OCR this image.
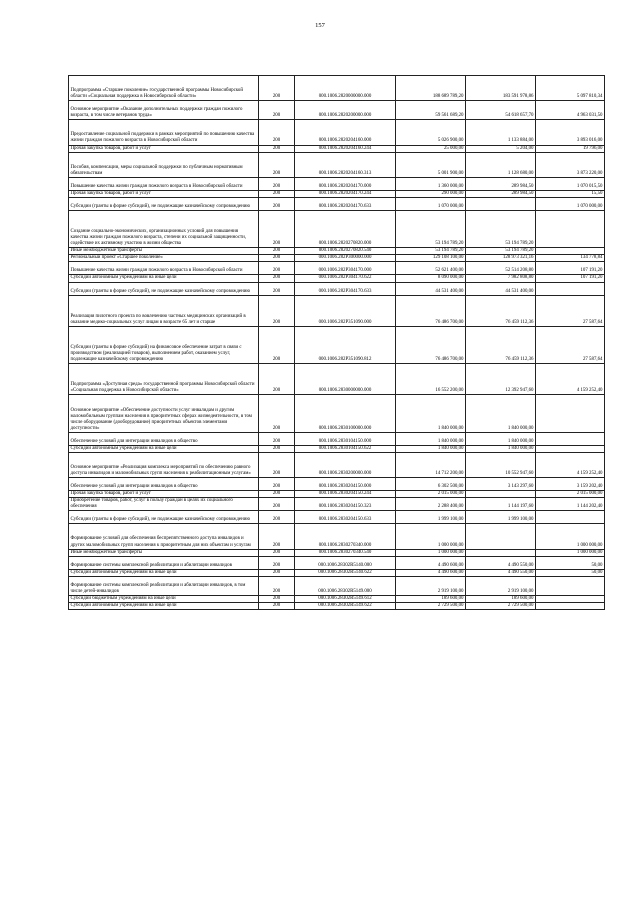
157
Подпрограмма «Старшее поколение» государственной программы Новосибирской области «Социальная поддержка в Новосибирской области»	200	000.1006.2820000000.000	188 689 789,20	183 591 978,86	5 097 810,34
Основное мероприятие «Оказание дополнительных поддержки граждан пожилого возраста, в том числе ветеранов труда»	200	000.1006.2820200000.000	59 561 689,20	54 618 657,70	4 963 031,50
Предоставление социальной поддержки в рамках мероприятий по повышению качества жизни граждан пожилого возраста в Новосибирской области	200	000.1006.2820204160.000	5 026 900,00	1 133 884,00	3 893 016,00
Прочая закупка товаров, работ и услуг	200	000.1006.2820204160.244	25 000,00	5 204,00	19 796,00
Пособия, компенсации, меры социальной поддержки по публичным нормативным обязательствам	200	000.1006.2820204160.313	5 001 900,00	1 128 680,00	3 873 220,00
Повышение качества жизни граждан пожилого возраста в Новосибирской области	200	000.1006.2820204170.000	1 360 000,00	289 984,50	1 070 015,50
Прочая закупка товаров, работ и услуг	200	000.1006.2820204170.244	290 000,00	289 984,50	15,50
Субсидии (гранты в форме субсидий), не подлежащие казначейскому сопровождению	200	000.1006.2820204170.633	1 070 000,00		1 070 000,00
Создание социально-экономических, организационных условий для повышения качества жизни граждан пожилого возраста, степени их социальной защищенности, содействие их активному участию в жизни общества	200	000.1006.2820270820.000	53 194 789,20	53 194 789,20	
Иные межбюджетные трансферты	200	000.1006.2820270820.540	53 194 789,20	53 194 789,20	
Региональный проект «Старшее поколение»	200	000.1006.282P300000.000	129 108 100,00	128 973 321,16	134 778,84
Повышение качества жизни граждан пожилого возраста в Новосибирской области	200	000.1006.282P304170.000	52 621 400,00	52 514 208,80	107 191,20
Субсидии автономным учреждениям на иные цели	200	000.1006.282P304170.622	8 090 000,00	7 982 808,80	107 191,20
Субсидии (гранты в форме субсидий), не подлежащие казначейскому сопровождению	200	000.1006.282P304170.633	44 531 400,00	44 531 400,00	
Реализация пилотного проекта по вовлечению частных медицинских организаций в оказание медико-социальных услуг лицам в возрасте 65 лет и старше	200	000.1006.282P351090.000	76 486 700,00	76 459 112,36	27 587,64
Субсидии (гранты в форме субсидий) на финансовое обеспечение затрат в связи с производством (реализацией товаров), выполнением работ, оказанием услуг, подлежащие казначейскому сопровождению	200	000.1006.282P351090.812	76 486 700,00	76 459 112,36	27 587,64
Подпрограмма «Доступная среда» государственной программы Новосибирской области «Социальная поддержка в Новосибирской области»	200	000.1006.2830000000.000	16 552 200,00	12 392 947,60	4 159 252,40
Основное мероприятие «Обеспечение доступности услуг инвалидам и другим маломобильным группам населения в приоритетных сферах жизнедеятельности, в том числе оборудование (дооборудование) приоритетных объектов элементами доступности»	200	000.1006.2830100000.000	1 840 000,00	1 840 000,00	
Обеспечение условий для интеграции инвалидов в общество	200	000.1006.2830104150.000	1 840 000,00	1 840 000,00	
Субсидии автономным учреждениям на иные цели	200	000.1006.2830104150.622	1 840 000,00	1 840 000,00	
Основное мероприятие «Реализация комплекса мероприятий по обеспечению равного доступа инвалидов и маломобильных групп населения к реабилитационным услугам»	200	000.1006.2830200000.000	14 712 200,00	10 552 947,60	4 159 252,40
Обеспечение условий для интеграции инвалидов в общество	200	000.1006.2830204150.000	6 302 500,00	3 143 297,60	3 159 202,40
Прочая закупка товаров, работ и услуг	200	000.1006.2830204150.244	2 015 000,00		2 015 000,00
Приобретение товаров, работ, услуг в пользу граждан в целях их социального обеспечения	200	000.1006.2830204150.323	2 288 400,00	1 144 197,60	1 144 202,40
Субсидии (гранты в форме субсидий), не подлежащие казначейскому сопровождению	200	000.1006.2830204150.633	1 999 100,00	1 999 100,00	
Формирование условий для обеспечения беспрепятственного доступа инвалидов и других маломобильных групп населения к приоритетным для них объектам и услугам	200	000.1006.2830270340.000	1 000 000,00		1 000 000,00
Иные межбюджетные трансферты	200	000.1006.2830270340.540	1 000 000,00		1 000 000,00
Формирование системы комплексной реабилитации и абилитации инвалидов	200	000.1006.28302R5140.000	4 490 600,00	4 490 550,00	50,00
Субсидии автономным учреждениям на иные цели	200	000.1006.28302R5140.622	4 490 600,00	4 490 550,00	50,00
Формирование системы комплексной реабилитации и абилитации инвалидов, в том числе детей-инвалидов	200	000.1006.28302R5149.000	2 919 100,00	2 919 100,00	
Субсидии бюджетным учреждениям на иные цели	200	000.1006.28302R5149.612	189 600,00	189 600,00	
Субсидии автономным учреждениям на иные цели	200	000.1006.28302R5149.622	2 729 500,00	2 729 500,00	
